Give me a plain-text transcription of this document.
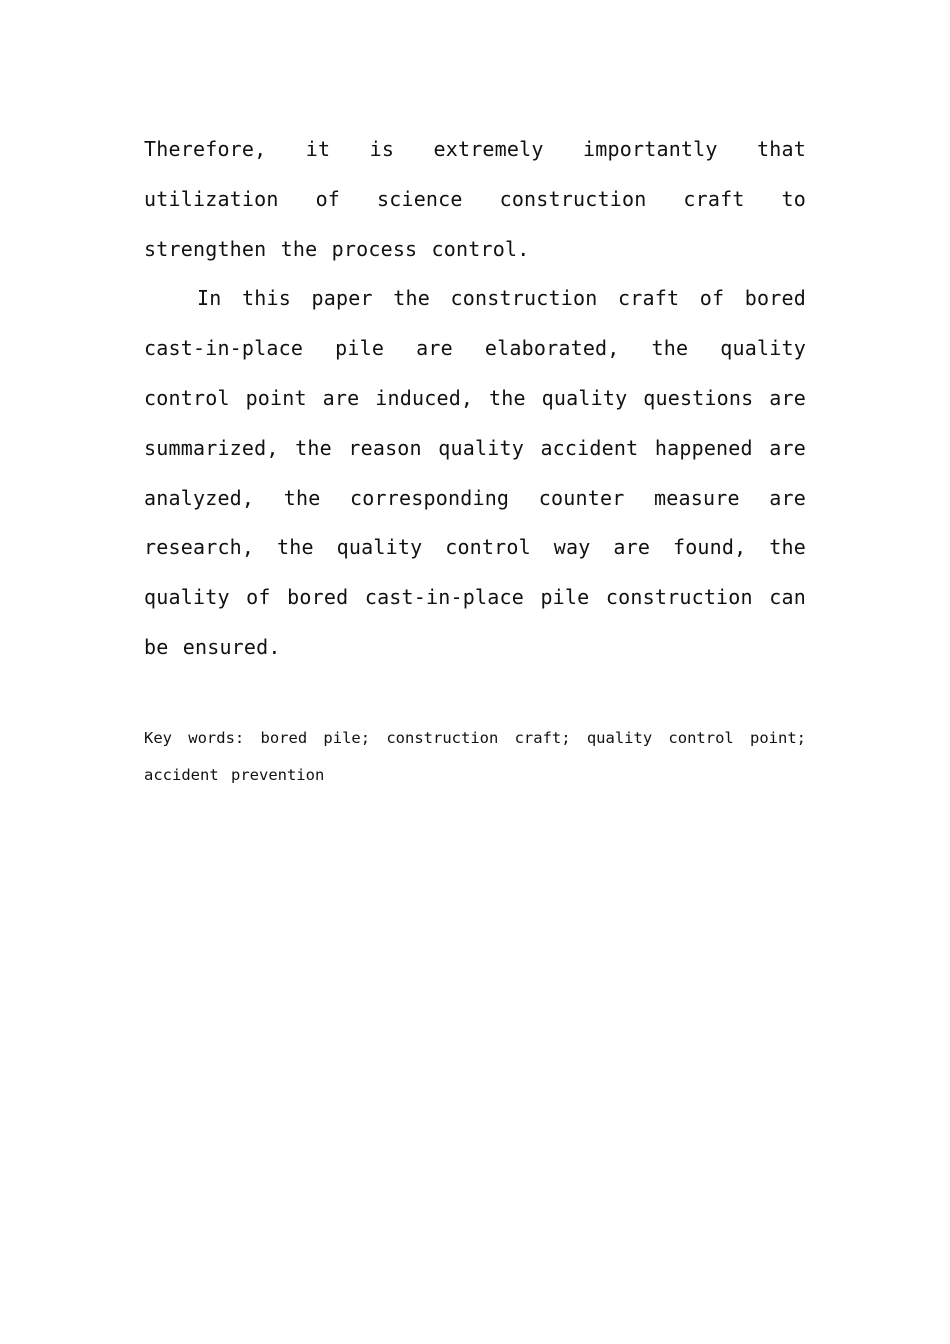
Therefore, it is extremely importantly that utilization of science construction craft to strengthen the process control.

In this paper the construction craft of bored cast-in-place pile are elaborated, the quality control point are induced, the quality questions are summarized, the reason quality accident happened are analyzed, the corresponding counter measure are research, the quality control way are found, the quality of bored cast-in-place pile construction can be ensured.

Key words: bored pile; construction craft; quality control point; accident prevention
